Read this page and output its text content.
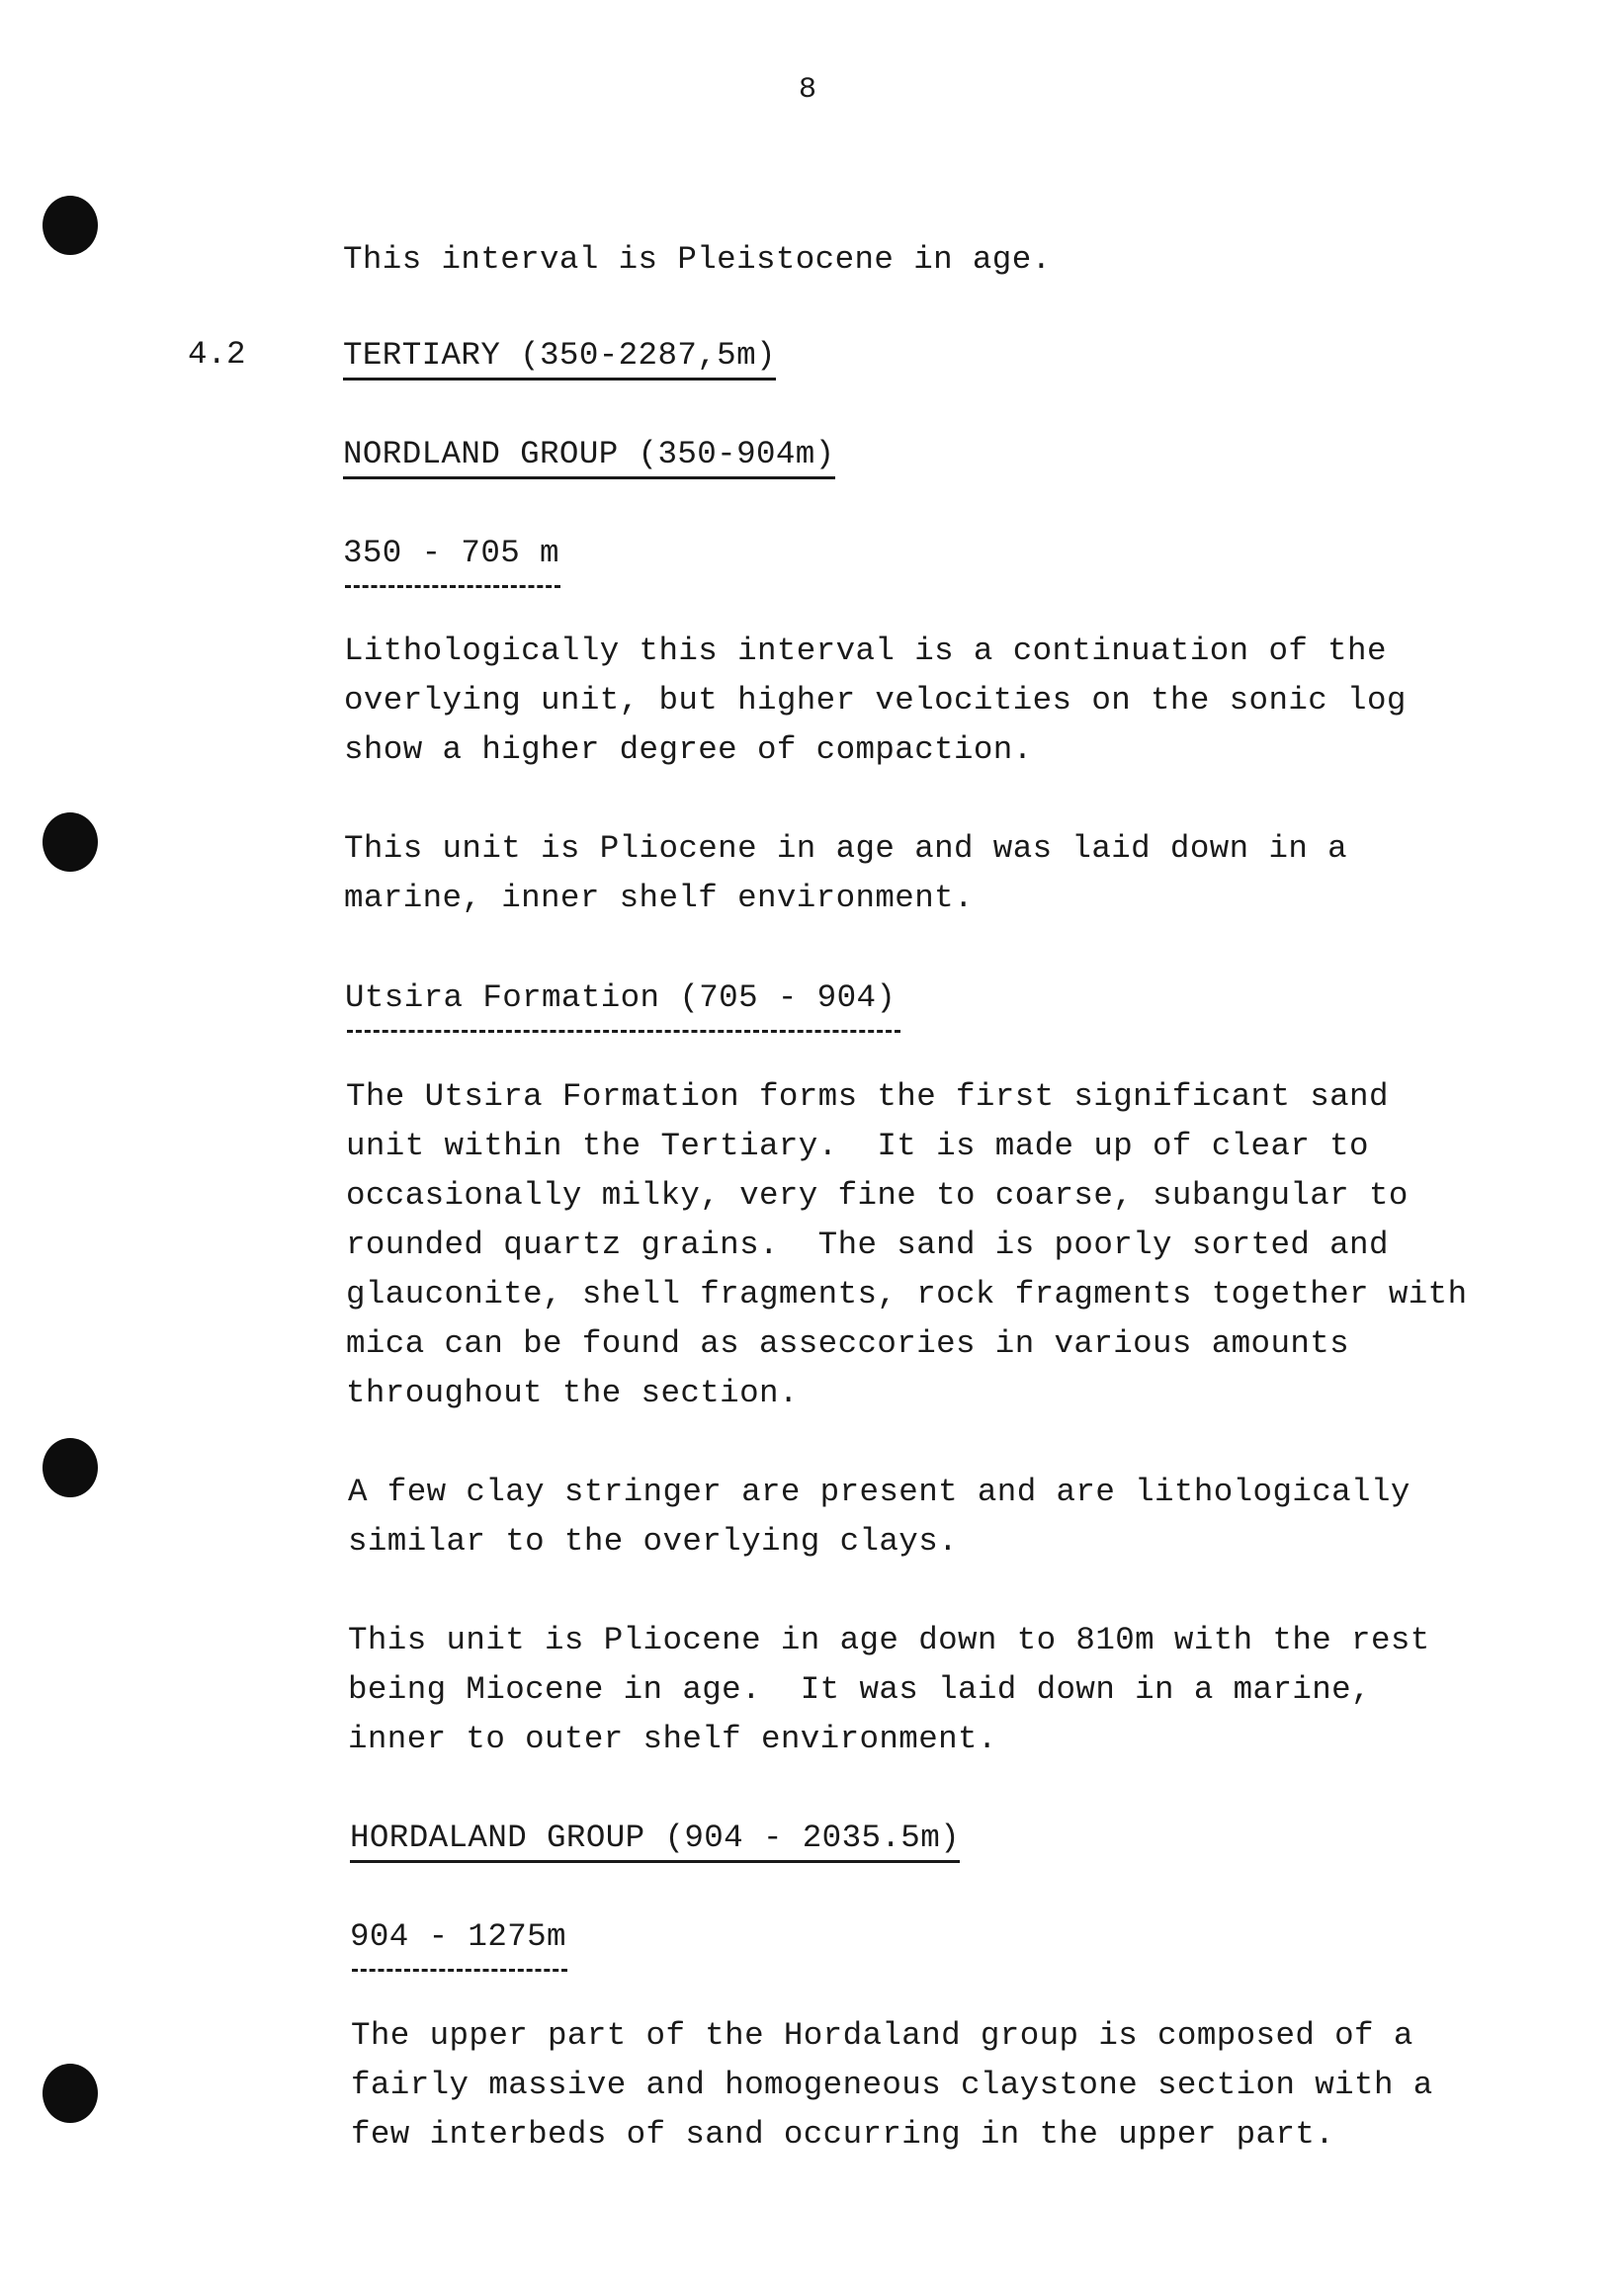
8
This interval is Pleistocene in age.
4.2	TERTIARY (350-2287,5m)
NORDLAND GROUP (350-904m)
350 - 705 m
Lithologically this interval is a continuation of the
overlying unit, but higher velocities on the sonic log
show a higher degree of compaction.
This unit is Pliocene in age and was laid down in a
marine, inner shelf environment.
Utsira Formation (705 - 904)
The Utsira Formation forms the first significant sand
unit within the Tertiary.  It is made up of clear to
occasionally milky, very fine to coarse, subangular to
rounded quartz grains.  The sand is poorly sorted and
glauconite, shell fragments, rock fragments together with
mica can be found as asseccories in various amounts
throughout the section.
A few clay stringer are present and are lithologically
similar to the overlying clays.
This unit is Pliocene in age down to 810m with the rest
being Miocene in age.  It was laid down in a marine,
inner to outer shelf environment.
HORDALAND GROUP (904 - 2035.5m)
904 - 1275m
The upper part of the Hordaland group is composed of a
fairly massive and homogeneous claystone section with a
few interbeds of sand occurring in the upper part.
